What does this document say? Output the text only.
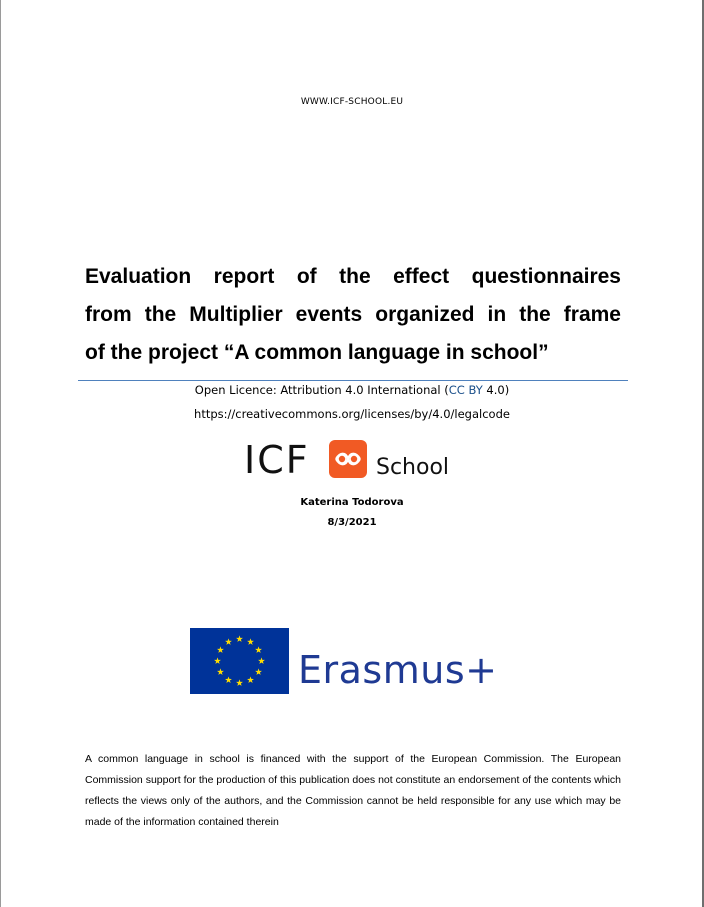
WWW.ICF-SCHOOL.EU
Evaluation report of the effect questionnaires
from the Multiplier events organized in the frame
of the project “A common language in school”
Open Licence: Attribution 4.0 International (CC BY 4.0)
https://creativecommons.org/licenses/by/4.0/legalcode
ICF	School
Katerina Todorova
8/3/2021
Erasmus+
A common language in school is financed with the support of the European Commission. The European Commission support for the production of this publication does not constitute an endorsement of the contents which reflects the views only of the authors, and the Commission cannot be held responsible for any use which may be made of the information contained therein
